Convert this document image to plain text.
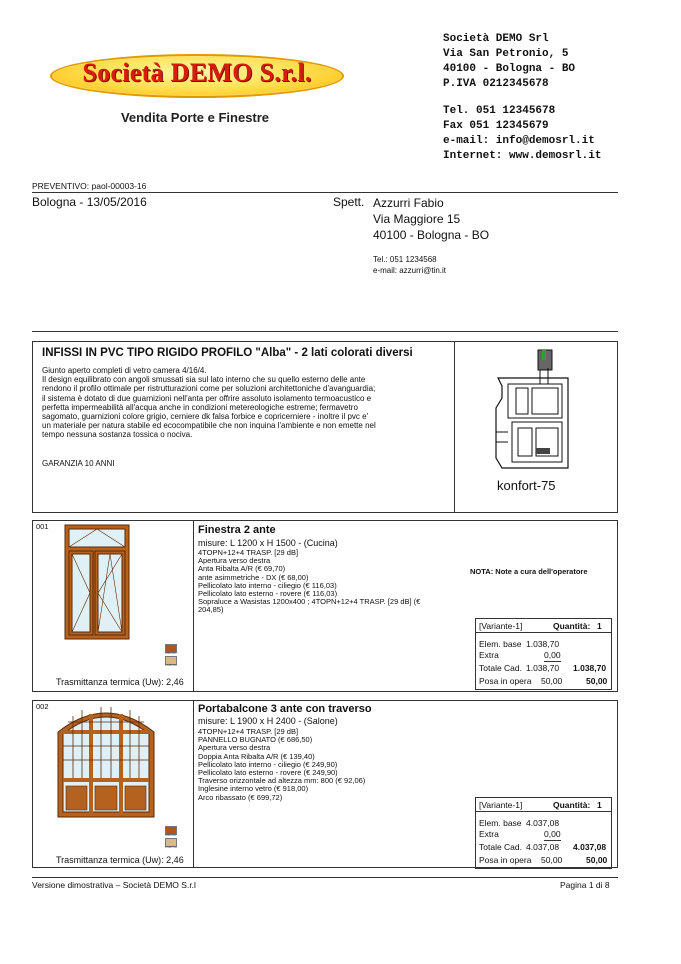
Società DEMO S.r.l.
Vendita Porte e Finestre
Società DEMO Srl
Via San Petronio, 5
40100 - Bologna - BO
P.IVA 0212345678
Tel. 051 12345678
Fax 051 12345679
e-mail: info@demosrl.it
Internet: www.demosrl.it
PREVENTIVO: paol-00003-16
Bologna - 13/05/2016	Spett. Azzurri Fabio
Via Maggiore 15
40100 - Bologna - BO
Tel.: 051 1234568
e-mail: azzurri@tin.it
INFISSI IN PVC TIPO RIGIDO PROFILO "Alba" - 2 lati colorati diversi
Giunto aperto completi di vetro camera 4/16/4.
Il design equilibrato con angoli smussati sia sul lato interno che su quello esterno delle ante
rendono il profilo ottimale per ristrutturazioni come per soluzioni architettoniche d'avanguardia;
il sistema è dotato di due guarnizioni nell'anta per offrire assoluto isolamento termoacustico e
perfetta impermeabilità all'acqua anche in condizioni metereologiche estreme; fermavetro
sagomato, guarnizioni colore grigio, cerniere dk falsa forbice e copricerniere - inoltre il pvc e'
un materiale per natura stabile ed ecocompatibile che non inquina l'ambiente e non emette nel
tempo nessuna sostanza tossica o nociva.
GARANZIA 10 ANNI
konfort-75
001
interno
esterno
Trasmittanza termica (Uw): 2,46
Finestra 2 ante
misure: L 1200 x H 1500 - (Cucina)
4TOPN+12+4 TRASP. [29 dB]
Apertura verso destra
Anta Ribalta A/R (€ 69,70)
ante asimmetriche - DX (€ 68,00)
Pellicolato lato interno - ciliegio (€ 116,03)
Pellicolato lato esterno - rovere (€ 116,03)
Sopraluce a Wasistas 1200x400 ; 4TOPN+12+4 TRASP. [29 dB] (€
204,85)
NOTA: Note a cura dell'operatore
[Variante-1]	Quantità: 1
Elem. base 1.038,70
Extra	0,00
Totale Cad. 1.038,70 1.038,70
Posa in opera 50,00	50,00
002
interno
esterno
Trasmittanza termica (Uw): 2,46
Portabalcone 3 ante con traverso
misure: L 1900 x H 2400 - (Salone)
4TOPN+12+4 TRASP. [29 dB]
PANNELLO BUGNATO (€ 686,50)
Apertura verso destra
Doppia Anta Ribalta A/R (€ 139,40)
Pellicolato lato interno - ciliegio (€ 249,90)
Pellicolato lato esterno - rovere (€ 249,90)
Traverso orizzontale ad altezza mm: 800 (€ 92,06)
Inglesine interno vetro (€ 918,00)
Arco ribassato (€ 699,72)
[Variante-1]	Quantità: 1
Elem. base 4.037,08
Extra	0,00
Totale Cad. 4.037,08 4.037,08
Posa in opera 50,00	50,00
Versione dimostrativa – Società DEMO S.r.l	Pagina 1 di 8
